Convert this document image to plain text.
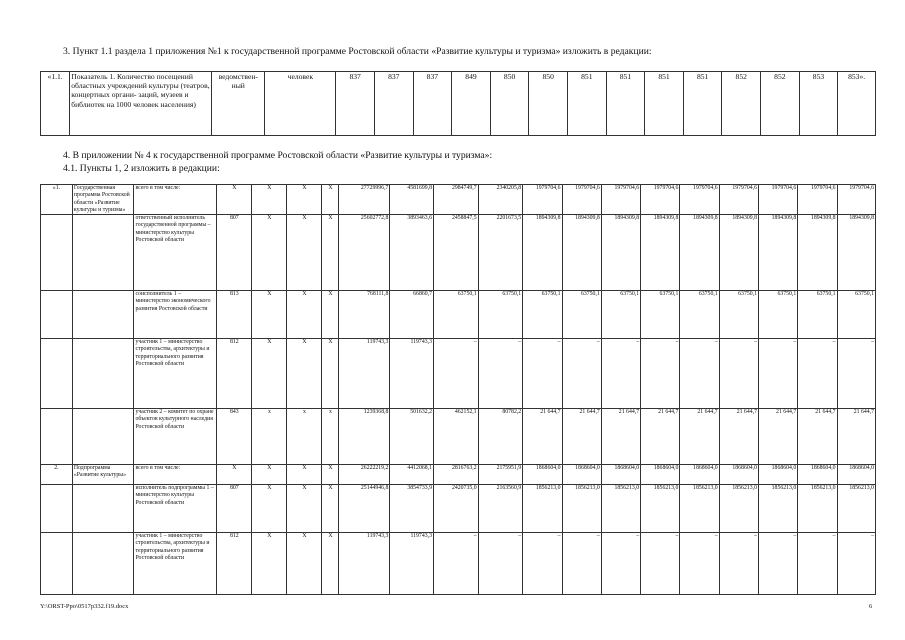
3. Пункт 1.1 раздела 1 приложения №1 к государственной программе Ростовской области «Развитие культуры и туризма» изложить в редакции:
«1.1.	Показатель 1. Количество посещений областных учреждений культуры (театров, концертных органи- заций, музеев и библиотек на 1000 человек населения)	ведомствен- ный	человек	837	837	837	849	850	850	851	851	851	851	852	852	853	853».
4. В приложении № 4 к государственной программе Ростовской области «Развитие культуры и туризма»:
4.1. Пункты 1, 2 изложить в редакции:
«1.	Государственная программа Ростовской области «Развитие культуры и туризма»	всего в том числе:	X	X	X	X	27729996,7	4581699,8	2984749,7	2340205,8	1979704,6	1979704,6	1979704,6	1979704,6	1979704,6	1979704,6	1979704,6	1979704,6	1979704,6
		ответственный исполнитель государственной программы – министерство культуры Ростовской области	807	X	X	X	25602772,8	3893463,6	2458847,5	2201673,5	1894309,8	1894309,8	1894309,8	1894309,8	1894309,8	1894309,8	1894309,8	1894309,8	1894309,8
		соисполнитель 1 – министерство экономического развития Ростовской области	813	X	X	X	768111,8	66860,7	63750,1	63750,1	63750,1	63750,1	63750,1	63750,1	63750,1	63750,1	63750,1	63750,1	63750,1
		участник 1 – министерство строительства, архитектуры и территориального развития Ростовской области	812	X	X	X	119743,3	119743,3	–	–	–	–	–	–	–	–	–	–	–
		участник 2 – комитет по охране объектов культурного наследия Ростовской области	843	x	x	x	1239368,8	501632,2	462152,1	80782,2	21 644,7	21 644,7	21 644,7	21 644,7	21 644,7	21 644,7	21 644,7	21 644,7	21 644,7
2.	Подпрограмма «Развитие культуры»	всего в том числе:	X	X	X	X	26222219,2	4412068,1	2816763,2	2175951,9	1868604,0	1868604,0	1868604,0	1868604,0	1868604,0	1868604,0	1868604,0	1868604,0	1868604,0
		исполнитель подпрограммы 1 – министерство культуры Ростовской области	807	X	X	X	25144946,8	3854733,9	2420735,0	2163560,9	1856213,0	1856213,0	1856213,0	1856213,0	1856213,0	1856213,0	1856213,0	1856213,0	1856213,0
		участник 1 – министерство строительства, архитектуры и территориального развития Ростовской области	812	X	X	X	119743,3	119743,3	–	–	–	–	–	–	–	–	–	–	–
Y:\ORST-Ppo\0517p332.f19.docx	6
